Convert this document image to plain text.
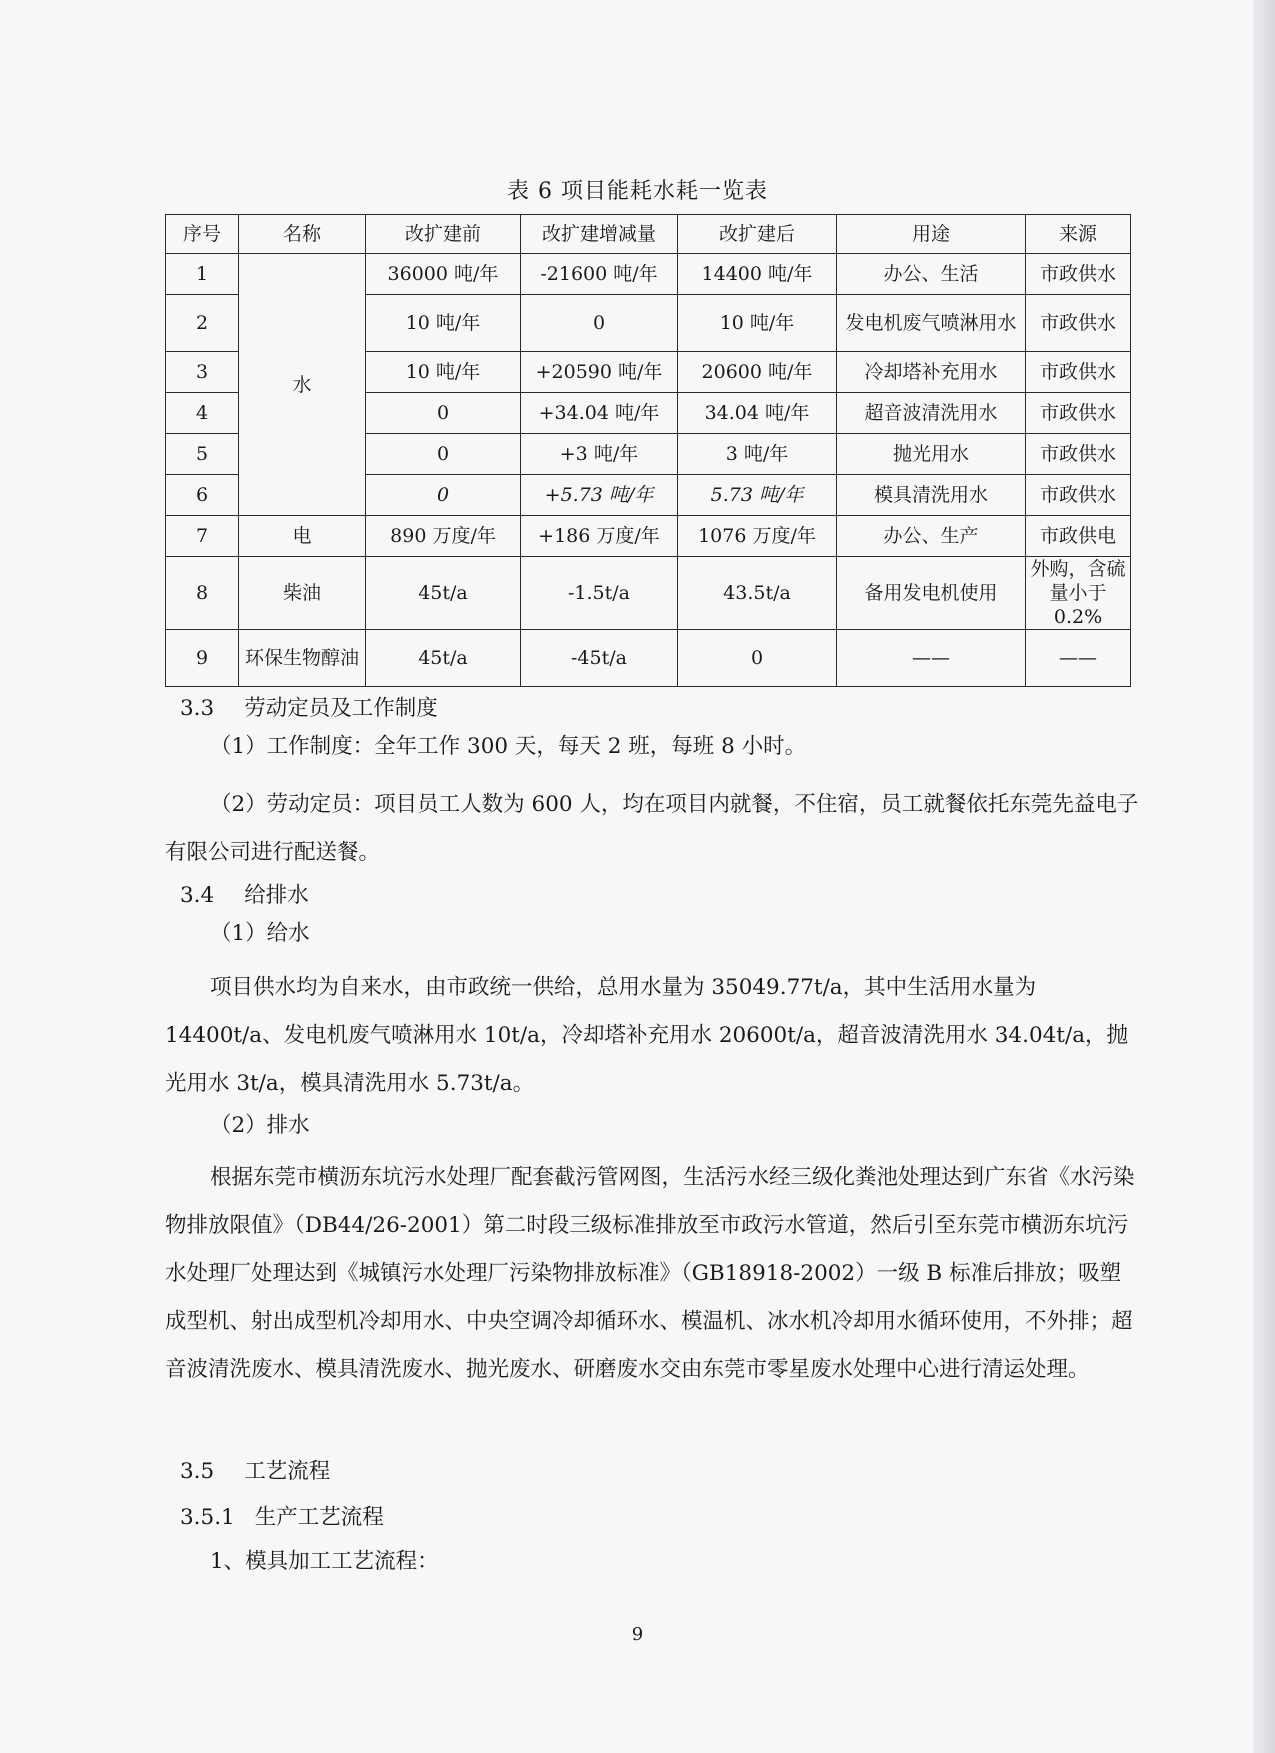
表 6 项目能耗水耗一览表
序号	名称	改扩建前	改扩建增减量	改扩建后	用途	来源
1	水	36000 吨/年	-21600 吨/年	14400 吨/年	办公、生活	市政供水
2		10 吨/年	0	10 吨/年	发电机废气喷淋用水	市政供水
3		10 吨/年	+20590 吨/年	20600 吨/年	冷却塔补充用水	市政供水
4		0	+34.04 吨/年	34.04 吨/年	超音波清洗用水	市政供水
5		0	+3 吨/年	3 吨/年	抛光用水	市政供水
6		0	+5.73 吨/年	5.73 吨/年	模具清洗用水	市政供水
7	电	890 万度/年	+186 万度/年	1076 万度/年	办公、生产	市政供电
8	柴油	45t/a	-1.5t/a	43.5t/a	备用发电机使用	外购，含硫量小于 0.2%
9	环保生物醇油	45t/a	-45t/a	0	——	——
3.3 劳动定员及工作制度
（1）工作制度：全年工作 300 天，每天 2 班，每班 8 小时。
（2）劳动定员：项目员工人数为 600 人，均在项目内就餐，不住宿，员工就餐依托东莞先益电子有限公司进行配送餐。
3.4 给排水
（1）给水
项目供水均为自来水，由市政统一供给，总用水量为 35049.77t/a，其中生活用水量为 14400t/a、发电机废气喷淋用水 10t/a，冷却塔补充用水 20600t/a，超音波清洗用水 34.04t/a，抛光用水 3t/a，模具清洗用水 5.73t/a。
（2）排水
根据东莞市横沥东坑污水处理厂配套截污管网图，生活污水经三级化粪池处理达到广东省《水污染物排放限值》（DB44/26-2001）第二时段三级标准排放至市政污水管道，然后引至东莞市横沥东坑污水处理厂处理达到《城镇污水处理厂污染物排放标准》（GB18918-2002）一级 B 标准后排放；吸塑成型机、射出成型机冷却用水、中央空调冷却循环水、模温机、冰水机冷却用水循环使用，不外排；超音波清洗废水、模具清洗废水、抛光废水、研磨废水交由东莞市零星废水处理中心进行清运处理。
3.5 工艺流程
3.5.1 生产工艺流程
1、模具加工工艺流程：
9
